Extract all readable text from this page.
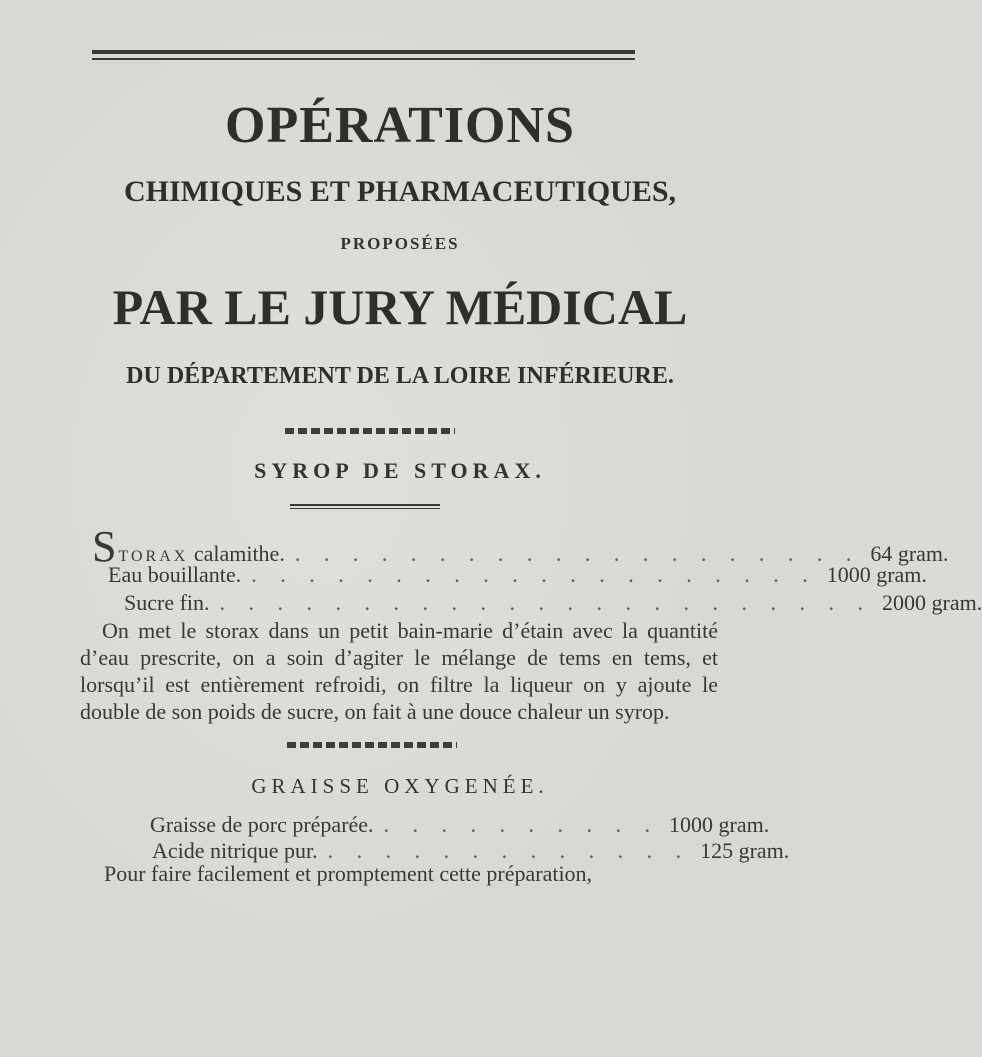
OPÉRATIONS
CHIMIQUES ET PHARMACEUTIQUES,
PROPOSÉES
PAR LE JURY MÉDICAL
DU DÉPARTEMENT DE LA LOIRE INFÉRIEURE.
SYROP DE STORAX.
STORAX calamithe. . . . . . . . . . . . . . . . . . . . . 64 gram.
Eau bouillante. . . . . . . . . . . . . . . . . . . . . 1000 gram.
Sucre fin. . . . . . . . . . . . . . . . . . . . . . . . 2000 gram.
On met le storax dans un petit bain-marie d’étain avec la quantité d’eau prescrite, on a soin d’agiter le mélange de tems en tems, et lorsqu’il est entièrement refroidi, on filtre la liqueur on y ajoute le double de son poids de sucre, on fait à une douce chaleur un syrop.
GRAISSE OXYGENÉE.
Graisse de porc préparée. . . . . . . . . . . 1000 gram.
Acide nitrique pur. . . . . . . . . . . . . . 125 gram.
Pour faire facilement et promptement cette préparation,
